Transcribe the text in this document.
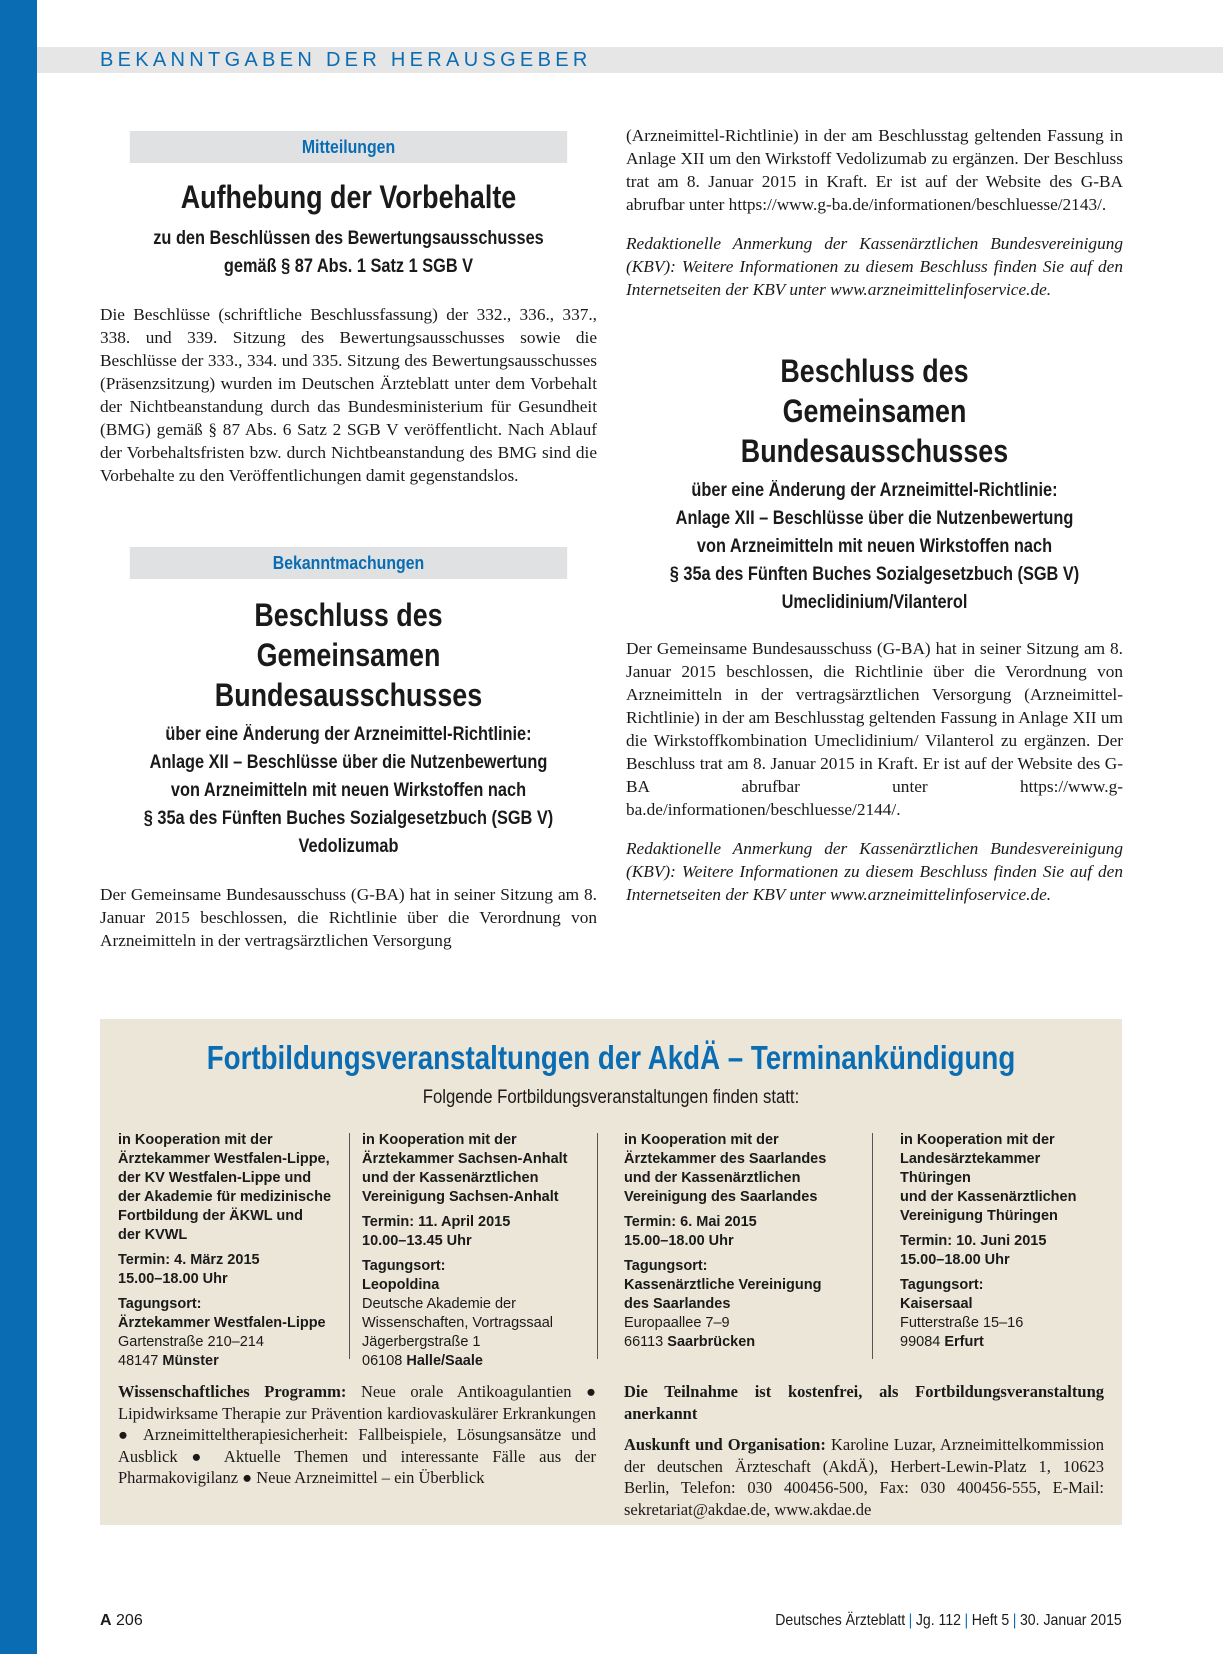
BEKANNTGABEN DER HERAUSGEBER
Mitteilungen
Aufhebung der Vorbehalte
zu den Beschlüssen des Bewertungsausschusses
gemäß § 87 Abs. 1 Satz 1 SGB V

Die Beschlüsse (schriftliche Beschlussfassung) der 332., 336., 337., 338. und 339. Sitzung des Bewertungsausschusses sowie die Beschlüsse der 333., 334. und 335. Sitzung des Bewertungsausschusses (Präsenzsitzung) wurden im Deutschen Ärzteblatt unter dem Vorbehalt der Nichtbeanstandung durch das Bundesministerium für Gesundheit (BMG) gemäß § 87 Abs. 6 Satz 2 SGB V veröffentlicht. Nach Ablauf der Vorbehaltsfristen bzw. durch Nichtbeanstandung des BMG sind die Vorbehalte zu den Veröffentlichungen damit gegenstandslos.

Bekanntmachungen
Beschluss des
Gemeinsamen Bundesausschusses
über eine Änderung der Arzneimittel-Richtlinie:
Anlage XII – Beschlüsse über die Nutzenbewertung
von Arzneimitteln mit neuen Wirkstoffen nach
§ 35a des Fünften Buches Sozialgesetzbuch (SGB V)
Vedolizumab

Der Gemeinsame Bundesausschuss (G-BA) hat in seiner Sitzung am 8. Januar 2015 beschlossen, die Richtlinie über die Verordnung von Arzneimitteln in der vertragsärztlichen Versorgung

(Arzneimittel-Richtlinie) in der am Beschlusstag geltenden Fassung in Anlage XII um den Wirkstoff Vedolizumab zu ergänzen. Der Beschluss trat am 8. Januar 2015 in Kraft. Er ist auf der Website des G-BA abrufbar unter https://www.g-ba.de/informationen/beschluesse/2143/.

Redaktionelle Anmerkung der Kassenärztlichen Bundesvereinigung (KBV): Weitere Informationen zu diesem Beschluss finden Sie auf den Internetseiten der KBV unter www.arzneimittelinfoservice.de.

Beschluss des
Gemeinsamen Bundesausschusses
über eine Änderung der Arzneimittel-Richtlinie:
Anlage XII – Beschlüsse über die Nutzenbewertung
von Arzneimitteln mit neuen Wirkstoffen nach
§ 35a des Fünften Buches Sozialgesetzbuch (SGB V)
Umeclidinium/Vilanterol

Der Gemeinsame Bundesausschuss (G-BA) hat in seiner Sitzung am 8. Januar 2015 beschlossen, die Richtlinie über die Verordnung von Arzneimitteln in der vertragsärztlichen Versorgung (Arzneimittel-Richtlinie) in der am Beschlusstag geltenden Fassung in Anlage XII um die Wirkstoffkombination Umeclidinium/ Vilanterol zu ergänzen. Der Beschluss trat am 8. Januar 2015 in Kraft. Er ist auf der Website des G-BA abrufbar unter https://www.g-ba.de/informationen/beschluesse/2144/.

Redaktionelle Anmerkung der Kassenärztlichen Bundesvereinigung (KBV): Weitere Informationen zu diesem Beschluss finden Sie auf den Internetseiten der KBV unter www.arzneimittelinfoservice.de.

Fortbildungsveranstaltungen der AkdÄ – Terminankündigung
Folgende Fortbildungsveranstaltungen finden statt:
in Kooperation mit der
Ärztekammer Westfalen-Lippe,
der KV Westfalen-Lippe und
der Akademie für medizinische
Fortbildung der ÄKWL und
der KVWL
Termin: 4. März 2015
15.00–18.00 Uhr
Tagungsort:
Ärztekammer Westfalen-Lippe
Gartenstraße 210–214
48147 Münster
in Kooperation mit der
Ärztekammer Sachsen-Anhalt
und der Kassenärztlichen
Vereinigung Sachsen-Anhalt
Termin: 11. April 2015
10.00–13.45 Uhr
Tagungsort:
Leopoldina
Deutsche Akademie der
Wissenschaften, Vortragssaal
Jägerbergstraße 1
06108 Halle/Saale
in Kooperation mit der
Ärztekammer des Saarlandes
und der Kassenärztlichen
Vereinigung des Saarlandes
Termin: 6. Mai 2015
15.00–18.00 Uhr
Tagungsort:
Kassenärztliche Vereinigung
des Saarlandes
Europaallee 7–9
66113 Saarbrücken
in Kooperation mit der
Landesärztekammer Thüringen
und der Kassenärztlichen
Vereinigung Thüringen
Termin: 10. Juni 2015
15.00–18.00 Uhr
Tagungsort:
Kaisersaal
Futterstraße 15–16
99084 Erfurt
Wissenschaftliches Programm: Neue orale Antikoagulantien ● Lipidwirksame Therapie zur Prävention kardiovaskulärer Erkrankungen ● Arzneimitteltherapiesicherheit: Fallbeispiele, Lösungsansätze und Ausblick ● Aktuelle Themen und interessante Fälle aus der Pharmakovigilanz ● Neue Arzneimittel – ein Überblick
Die Teilnahme ist kostenfrei, als Fortbildungsveranstaltung anerkannt
Auskunft und Organisation: Karoline Luzar, Arzneimittelkommission der deutschen Ärzteschaft (AkdÄ), Herbert-Lewin-Platz 1, 10623 Berlin, Telefon: 030 400456-500, Fax: 030 400456-555, E-Mail: sekretariat@akdae.de, www.akdae.de
A 206	Deutsches Ärzteblatt | Jg. 112 | Heft 5 | 30. Januar 2015
